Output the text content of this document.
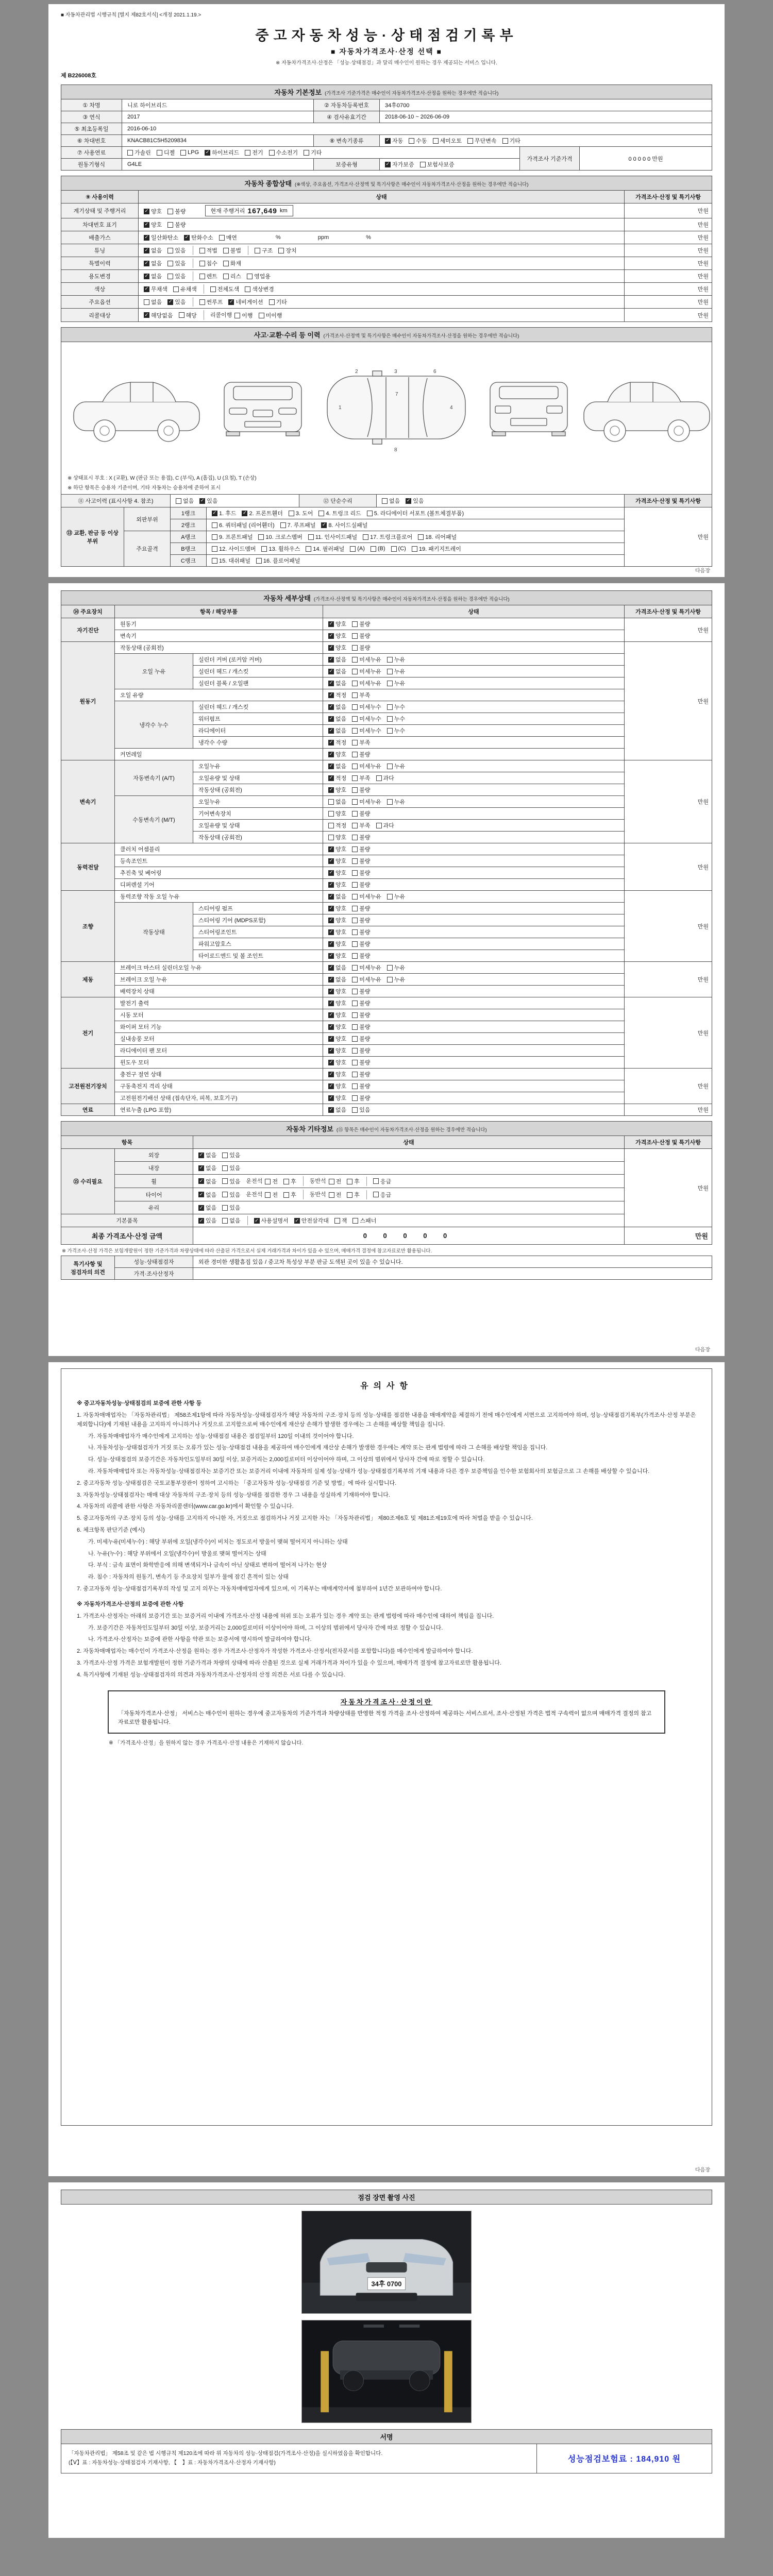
■ 자동차관리법 시행규칙 [별지 제82호서식] <개정 2021.1.19.>
중고자동차성능·상태점검기록부
■ 자동차가격조사·산정 선택 ■
※ 자동차가격조사·산정은 「성능·상태점검」과 달리 매수인이 원하는 경우 제공되는 서비스 입니다.
제 B226008호
자동차 기본정보 (가격조사 기준가격은 매수인이 자동차가격조사·산정을 원하는 경우에만 적습니다)
① 차명	니로 하이브리드	② 자동차등록번호	34후0700		
③ 연식	2017	④ 검사유효기간	2018-06-10 ~ 2026-06-09		
⑤ 최초등록일	2016-06-10				
⑥ 차대번호	KNACB81C5H5209834	⑧ 변속기종류	✓ 자동 수동 세미오토 무단변속 기타

⑦ 사용연료	가솔린 디젤 LPG ✓ 하이브리드 전기 수소전기 기타
	가격조사 기준가격	0 0 0 0 0 만원
원동기형식	G4LE	보증유형	✓ 자가보증 보험사보증		
자동차 종합상태 (※색상, 주요옵션, 가격조사·산정액 및 특기사항은 매수인이 자동차가격조사·산정을 원하는 경우에만 적습니다)
⑨ 사용이력	상태	가격조사·산정 및 특기사항
계기상태 및 주행거리	✓ 양호 불량	현재 주행거리 167,649 km	만원
차대번호 표기	✓ 양호 불량	만원
배출가스	✓ 일산화탄소 ✓ 탄화수소 매연	%	ppm	%	만원
튜닝	✓ 없음 있음	적법 불법	구조 장치	만원
특별이력	✓ 없음 있음 침수 화재	만원
용도변경	✓ 없음 있음	렌트 리스 영업용	만원
색상	✓ 무채색 유채색 전체도색 색상변경	만원
주요옵션	없음 ✓ 있음	썬루프 ✓ 네비게이션 기타	만원
리콜대상	✓ 해당없음 해당 리콜이행 이행 미이행	만원
사고·교환·수리 등 이력 (가격조사·산정액 및 특기사항은 매수인이 자동차가격조사·산정을 원하는 경우에만 적습니다)
1
7
4
2	3	6
8
※ 상태표시 부호 : X (교환), W (판금 또는 용접), C (부식), A (흠집), U (요철), T (손상)
※ 하단 항목은 승용차 기준이며, 기타 자동차는 승용차에 준하여 표시
⑪ 사고이력 (표시사항 4. 참조)	없음 ✓ 있음	⑫ 단순수리	없음 ✓ 있음	가격조사·산정 및 특기사항
⑬ 교환, 판금 등 이상 부위	외판부위	1랭크	✓ 1. 후드 ✓ 2. 프론트휀더 3. 도어 4. 트렁크 리드 5. 라디에이터 서포트 (볼트체결부품)
	만원
		2랭크	6. 쿼터패널 (리어휀더) 7. 루프패널 ✓ 8. 사이드실패널	

	주요골격	A랭크	9. 프론트패널 10. 크로스멤버 11. 인사이드패널 17. 트렁크플로어 18. 리어패널	

B랭크	12. 사이드멤버 13. 휠하우스 14. 필러패널 (A) (B) (C) 19. 패키지트레이

		C랭크	15. 대쉬패널 16. 플로어패널	
다음장
자동차 세부상태 (가격조사·산정액 및 특기사항은 매수인이 자동차가격조사·산정을 원하는 경우에만 적습니다)
⑭ 주요장치	항목 / 해당부품		상태	가격조사·산정 및 특기사항
자기진단	원동기		✓ 양호 불량	만원
	변속기		✓ 양호 불량	

원동기	작동상태 (공회전)		✓ 양호 불량	만원
	오일 누유	실린더 커버 (로커암 커버)	✓ 없음 미세누유 누유	

		실린더 헤드 / 개스킷	✓ 없음 미세누유 누유	

		실린더 블록 / 오일팬	✓ 없음 미세누유 누유	

	오일 유량		✓ 적정 부족	

	냉각수 누수	실린더 헤드 / 개스킷	✓ 없음 미세누수 누수	

		워터펌프	✓ 없음 미세누수 누수	

		라디에이터	✓ 없음 미세누수 누수	

		냉각수 수량	✓ 적정 부족	

	커먼레일		✓ 양호 불량	

변속기	자동변속기 (A/T)	오일누유	✓ 없음 미세누유 누유	만원
		오일유량 및 상태	✓ 적정 부족 과다	

		작동상태 (공회전)	✓ 양호 불량	

	수동변속기 (M/T)	오일누유	없음 미세누유 누유	

		기어변속장치	양호 불량	

		오일유량 및 상태	적정 부족 과다	

		작동상태 (공회전)	양호 불량	

동력전달	클러치 어셈블리		✓ 양호 불량	만원
	등속조인트		✓ 양호 불량	

	추진축 및 베어링		✓ 양호 불량	

	디퍼렌셜 기어		✓ 양호 불량	

조향	동력조향 작동 오일 누유		✓ 없음 미세누유 누유	만원
	작동상태	스티어링 펌프	✓ 양호 불량	

		스티어링 기어 (MDPS포함)	✓ 양호 불량	

		스티어링조인트	✓ 양호 불량	

		파워고압호스	✓ 양호 불량	

		타이로드엔드 및 볼 조인트	✓ 양호 불량	

제동	브레이크 마스터 실린더오일 누유		✓ 없음 미세누유 누유	만원
	브레이크 오일 누유		✓ 없음 미세누유 누유	

	배력장치 상태		✓ 양호 불량	

전기	발전기 출력		✓ 양호 불량	만원
	시동 모터		✓ 양호 불량	

	와이퍼 모터 기능		✓ 양호 불량	

	실내송풍 모터		✓ 양호 불량	

	라디에이터 팬 모터		✓ 양호 불량	

	윈도우 모터		✓ 양호 불량	

고전원전기장치	충전구 절연 상태		✓ 양호 불량	만원
	구동축전지 격리 상태		✓ 양호 불량	

	고전원전기배선 상태 (접속단자, 피복, 보호기구)		✓ 양호 불량	

연료	연료누출 (LPG 포함)		✓ 없음 있음	만원
자동차 기타정보 (⑮ 항목은 매수인이 자동차가격조사·산정을 원하는 경우에만 적습니다)
항목		상태	가격조사·산정 및 특기사항
⑮ 수리필요	외장	✓ 없음 있음	만원
	내장	✓ 없음 있음	

휠	✓ 없음 있음 운전석 전 후 동반석 전 후	응급

타이어	✓ 없음 있음 운전석 전 후 동반석 전 후	응급

	유리	✓ 없음 있음	

기본품목	✓ 있음 없음	✓ 사용설명서 ✓ 안전삼각대 잭 스패너
최종 가격조사·산정 금액	0 0 0 0 0	만원
※ 가격조사·산정 가격은 보험개발원이 정한 기준가격과 차량상태에 따라 산출된 가격으로서 실제 거래가격과 차이가 있을 수 있으며, 매매가격 결정에 참고자료로만 활용됩니다.
특기사항 및 점검자의 의견	성능·상태점검자	외관 경미한 생활흠집 있음 / 중고차 특성상 부분 판금 도색된 곳이 있을 수 있습니다.
	가격·조사산정자	
다음장
유의사항
※ 중고자동차성능·상태점검의 보증에 관한 사항 등
1. 자동차매매업자는 「자동차관리법」 제58조제1항에 따라 자동차성능·상태점검자가 해당 자동차의 구조·장치 등의 성능·상태를 점검한 내용을 매매계약을 체결하기 전에 매수인에게 서면으로 고지하여야 하며, 성능·상태점검기록부(가격조사·산정 부분은 제외합니다)에 기재된 내용을 고지하지 아니하거나 거짓으로 고지함으로써 매수인에게 재산상 손해가 발생한 경우에는 그 손해를 배상할 책임을 집니다.
가. 자동차매매업자가 매수인에게 고지하는 성능·상태점검 내용은 점검일부터 120일 이내의 것이어야 합니다.
나. 자동차성능·상태점검자가 거짓 또는 오류가 있는 성능·상태점검 내용을 제공하여 매수인에게 재산상 손해가 발생한 경우에는 계약 또는 관계 법령에 따라 그 손해를 배상할 책임을 집니다.
다. 성능·상태점검의 보증기간은 자동차인도일부터 30일 이상, 보증거리는 2,000킬로미터 이상이어야 하며, 그 이상의 범위에서 당사자 간에 따로 정할 수 있습니다.
라. 자동차매매업자 또는 자동차성능·상태점검자는 보증기간 또는 보증거리 이내에 자동차의 실제 성능·상태가 성능·상태점검기록부의 기재 내용과 다른 경우 보증책임을 인수한 보험회사의 보험금으로 그 손해를 배상할 수 있습니다.
2. 중고자동차 성능·상태점검은 국토교통부장관이 정하여 고시하는 「중고자동차 성능·상태점검 기준 및 방법」에 따라 실시합니다.
3. 자동차성능·상태점검자는 매매 대상 자동차의 구조·장치 등의 성능·상태를 점검한 경우 그 내용을 성실하게 기재하여야 합니다.
4. 자동차의 리콜에 관한 사항은 자동차리콜센터(www.car.go.kr)에서 확인할 수 있습니다.
5. 중고자동차의 구조·장치 등의 성능·상태를 고지하지 아니한 자, 거짓으로 점검하거나 거짓 고지한 자는 「자동차관리법」 제80조제6호 및 제81조제19호에 따라 처벌을 받을 수 있습니다.
6. 체크항목 판단기준 (예시)
가. 미세누유(미세누수) : 해당 부위에 오일(냉각수)이 비치는 정도로서 방울이 맺혀 떨어지지 아니하는 상태
나. 누유(누수) : 해당 부위에서 오일(냉각수)이 방울로 맺혀 떨어지는 상태
다. 부식 : 금속 표면이 화학반응에 의해 변색되거나 금속이 아닌 상태로 변하여 떨어져 나가는 현상
라. 침수 : 자동차의 원동기, 변속기 등 주요장치 일부가 물에 잠긴 흔적이 있는 상태
7. 중고자동차 성능·상태점검기록부의 작성 및 고지 의무는 자동차매매업자에게 있으며, 이 기록부는 매매계약서에 첨부하여 1년간 보관하여야 합니다.
※ 자동차가격조사·산정의 보증에 관한 사항
1. 가격조사·산정자는 아래의 보증기간 또는 보증거리 이내에 가격조사·산정 내용에 허위 또는 오류가 있는 경우 계약 또는 관계 법령에 따라 매수인에 대하여 책임을 집니다.
가. 보증기간은 자동차인도일부터 30일 이상, 보증거리는 2,000킬로미터 이상이어야 하며, 그 이상의 범위에서 당사자 간에 따로 정할 수 있습니다.
나. 가격조사·산정자는 보증에 관한 사항을 약관 또는 보증서에 명시하여 발급하여야 합니다.
2. 자동차매매업자는 매수인이 가격조사·산정을 원하는 경우 가격조사·산정자가 작성한 가격조사·산정서(전자문서를 포함합니다)를 매수인에게 발급하여야 합니다.
3. 가격조사·산정 가격은 보험개발원이 정한 기준가격과 차량의 상태에 따라 산출된 것으로 실제 거래가격과 차이가 있을 수 있으며, 매매가격 결정에 참고자료로만 활용됩니다.
4. 특기사항에 기재된 성능·상태점검자의 의견과 자동차가격조사·산정자의 산정 의견은 서로 다를 수 있습니다.
자동차가격조사·산정이란
「자동차가격조사·산정」 서비스는 매수인이 원하는 경우에 중고자동차의 기준가격과 차량상태를 반영한 적정 가격을 조사·산정하여 제공하는 서비스로서, 조사·산정된 가격은 법적 구속력이 없으며 매매가격 결정의 참고자료로만 활용됩니다.
※ 「가격조사·산정」을 원하지 않는 경우 가격조사·산정 내용은 기재하지 않습니다.
다음장
점검 장면 촬영 사진
34후 0700
서명
「자동차관리법」 제58조 및 같은 법 시행규칙 제120조에 따라 위 자동차의 성능·상태점검(가격조사·산정)을 실시하였음을 확인합니다.
(【Ⅴ】표 : 자동차성능·상태점검자 기재사항, 【　】표 : 자동차가격조사·산정자 기재사항)	성능점검보험료 :
184,910 원
